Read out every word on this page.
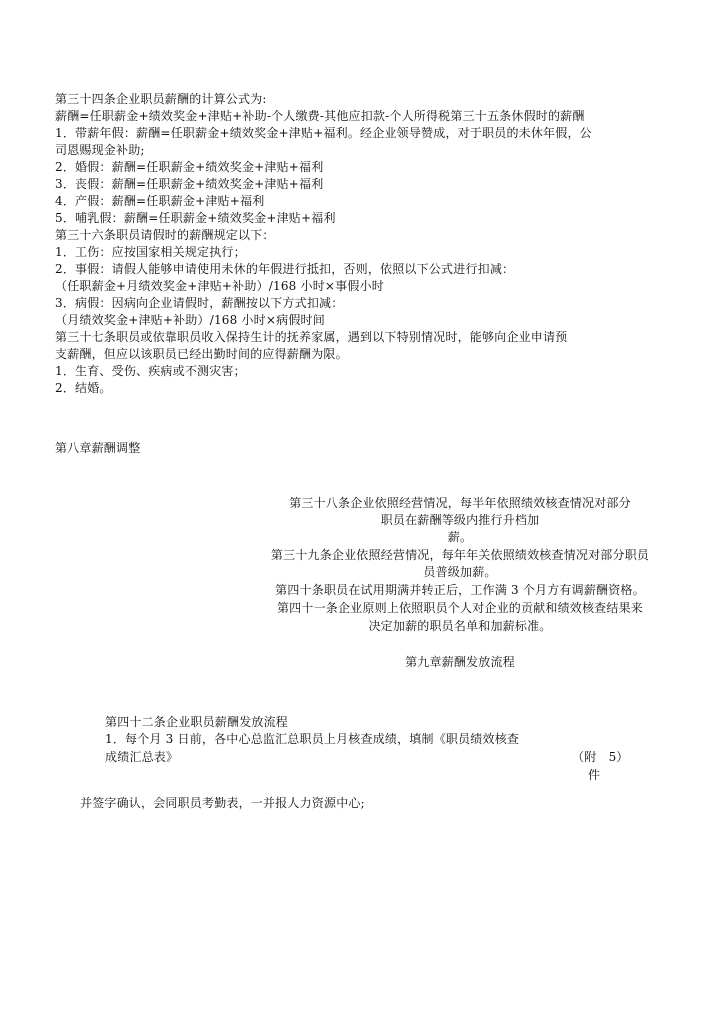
第三十四条企业职员薪酬的计算公式为:
薪酬=任职薪金+绩效奖金+津贴+补助-个人缴费-其他应扣款-个人所得税第三十五条休假时的薪酬
1．带薪年假：薪酬=任职薪金+绩效奖金+津贴+福利。经企业领导赞成，对于职员的未休年假，公
司恩赐现金补助;
2．婚假：薪酬=任职薪金+绩效奖金+津贴+福利
3．丧假：薪酬=任职薪金+绩效奖金+津贴+福利
4．产假：薪酬=任职薪金+津贴+福利
5．哺乳假：薪酬=任职薪金+绩效奖金+津贴+福利
第三十六条职员请假时的薪酬规定以下：
1．工伤：应按国家相关规定执行；
2．事假：请假人能够申请使用未休的年假进行抵扣，否则，依照以下公式进行扣减：
（任职薪金+月绩效奖金+津贴+补助）/168 小时×事假小时
3．病假：因病向企业请假时，薪酬按以下方式扣减：
（月绩效奖金+津贴+补助）/168 小时×病假时间
第三十七条职员或依靠职员收入保持生计的抚养家属，遇到以下特别情况时，能够向企业申请预
支薪酬，但应以该职员已经出勤时间的应得薪酬为限。
1．生育、受伤、疾病或不测灾害；
2．结婚。
第八章薪酬调整
第三十八条企业依照经营情况，每半年依照绩效核查情况对部分
职员在薪酬等级内推行升档加
薪。
第三十九条企业依照经营情况，每年年关依照绩效核查情况对部分职员
员普级加薪。
第四十条职员在试用期满并转正后，工作满 3 个月方有调薪酬资格。
第四十一条企业原则上依照职员个人对企业的贡献和绩效核查结果来
决定加薪的职员名单和加薪标准。
第九章薪酬发放流程
第四十二条企业职员薪酬发放流程
1．每个月 3 日前，各中心总监汇总职员上月核查成绩，填制《职员绩效核查
成绩汇总表》	（附　5）
件
并签字确认，会同职员考勤表，一并报人力资源中心;
